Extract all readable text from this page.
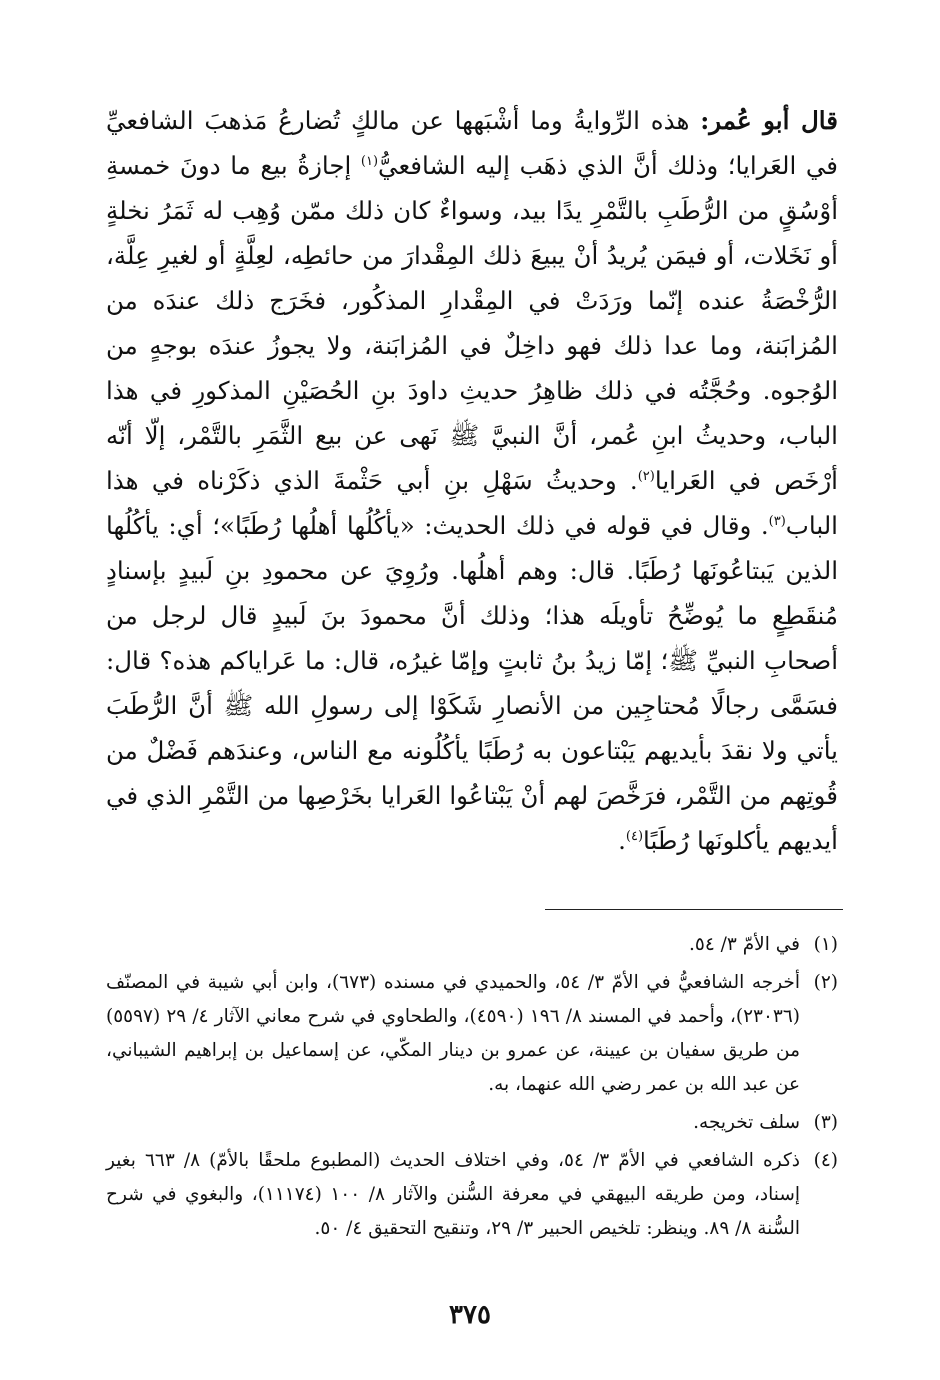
قال أبو عُمر: هذه الرِّوايةُ وما أشْبَهها عن مالكٍ تُضارعُ مَذهبَ الشافعيِّ في العَرايا؛ وذلك أنَّ الذي ذهَب إليه الشافعيُّ$^{(١)}$ إجازةُ بيع ما دونَ خمسةِ أوْسُقٍ من الرُّطَبِ بالتَّمْرِ يدًا بيد، وسواءٌ كان ذلك ممّن وُهِب له ثَمَرُ نخلةٍ أو نَخَلات، أو فيمَن يُريدُ أنْ يبيعَ ذلك المِقْدارَ من حائطِه، لعِلَّةٍ أو لغيرِ عِلَّة، الرُّخْصَةُ عنده إنّما ورَدَتْ في المِقْدارِ المذكُور، فخَرَج ذلك عندَه من المُزابَنة، وما عدا ذلك فهو داخِلٌ في المُزابَنة، ولا يجوزُ عندَه بوجهٍ من الوُجوه. وحُجَّتُه في ذلك ظاهِرُ حديثِ داودَ بنِ الحُصَيْنِ المذكورِ في هذا الباب، وحديثُ ابنِ عُمر، أنَّ النبيَّ ﷺ نَهى عن بيع الثَّمَرِ بالتَّمْر، إلّا أنّه أرْخَص في العَرايا$^{(٢)}$. وحديثُ سَهْلِ بنِ أبي حَثْمةَ الذي ذكَرْناه في هذا الباب$^{(٣)}$. وقال في قوله في ذلك الحديث: «يأكُلُها أهلُها رُطَبًا»؛ أي: يأكُلُها الذين يَبتاعُونَها رُطَبًا. قال: وهم أهلُها. ورُوِيَ عن محمودِ بنِ لَبيدٍ بإسنادٍ مُنقَطِعٍ ما يُوضِّحُ تأويلَه هذا؛ وذلك أنَّ محمودَ بنَ لَبيدٍ قال لرجل من أصحابِ النبيِّ ﷺ؛ إمّا زيدُ بنُ ثابتٍ وإمّا غيرُه، قال: ما عَراياكم هذه؟ قال: فسَمَّى رجالًا مُحتاجِين من الأنصارِ شَكَوْا إلى رسولِ الله ﷺ أنَّ الرُّطَبَ يأتي ولا نقدَ بأيديهم يَبْتاعون به رُطَبًا يأكُلُونه مع الناس، وعندَهم فَضْلٌ من قُوتِهم من التَّمْر، فرَخَّصَ لهم أنْ يَبْتاعُوا العَرايا بخَرْصِها من التَّمْرِ الذي في أيديهم يأكلونَها رُطَبًا$^{(٤)}$.

(١)في الأمّ ٣/ ٥٤.

(٢)أخرجه الشافعيُّ في الأمّ ٣/ ٥٤، والحميدي في مسنده (٦٧٣)، وابن أبي شيبة في المصنّف (٢٣٠٣٦)، وأحمد في المسند ٨/ ١٩٦ (٤٥٩٠)، والطحاوي في شرح معاني الآثار ٤/ ٢٩ (٥٥٩٧) من طريق سفيان بن عيينة، عن عمرو بن دينار المكّي، عن إسماعيل بن إبراهيم الشيباني، عن عبد الله بن عمر رضي الله عنهما، به.

(٣)سلف تخريجه.

(٤)ذكره الشافعي في الأمّ ٣/ ٥٤، وفي اختلاف الحديث (المطبوع ملحقًا بالأمّ) ٨/ ٦٦٣ بغير إسناد، ومن طريقه البيهقي في معرفة السُّنن والآثار ٨/ ١٠٠ (١١١٧٤)، والبغوي في شرح السُّنة ٨/ ٨٩. وينظر: تلخيص الحبير ٣/ ٢٩، وتنقيح التحقيق ٤/ ٥٠.

٣٧٥
